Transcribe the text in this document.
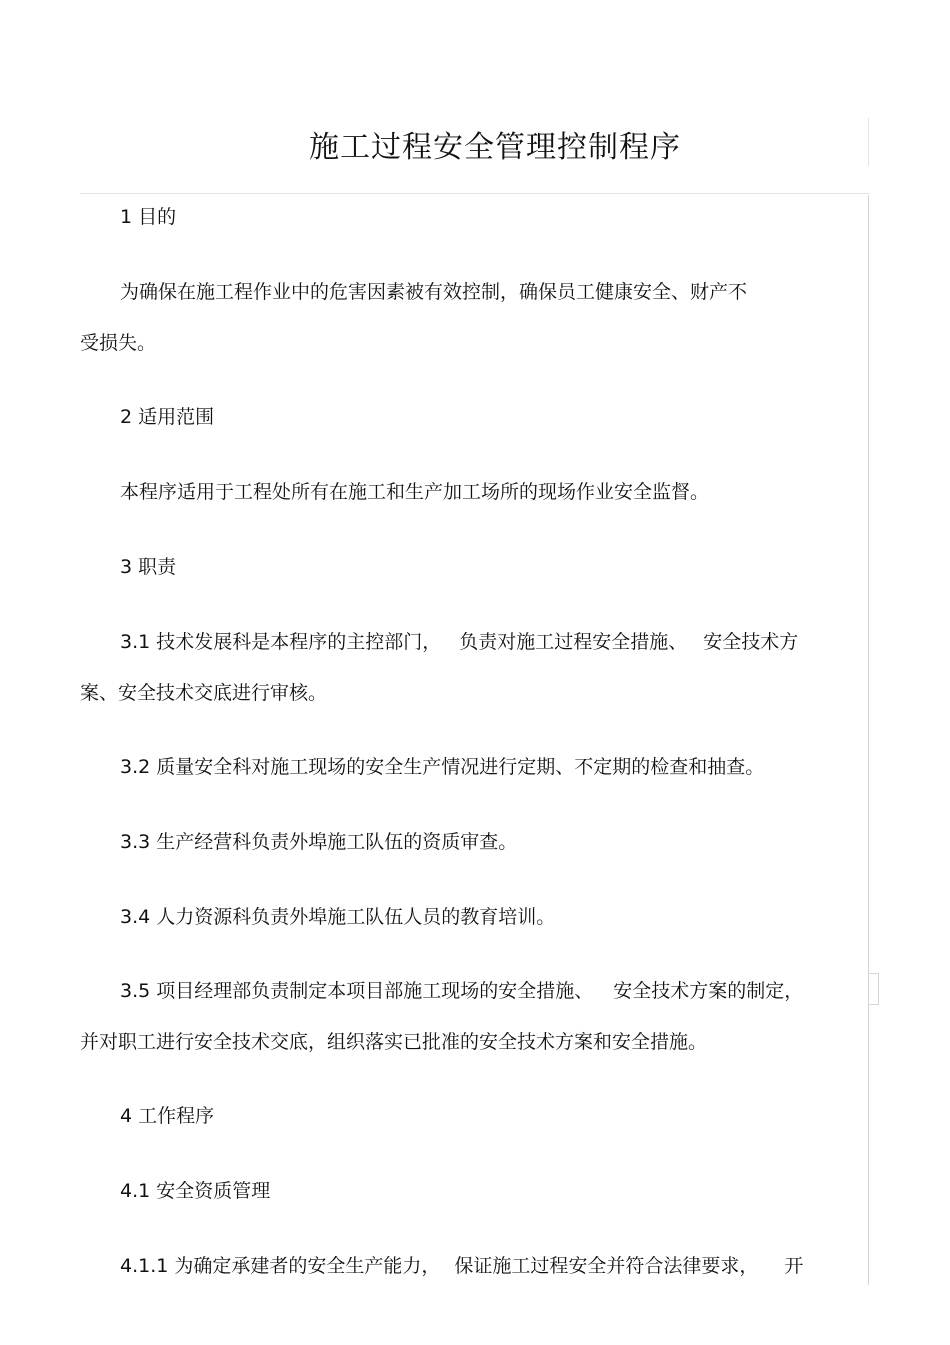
施工过程安全管理控制程序
1 目的
为确保在施工程作业中的危害因素被有效控制，确保员工健康安全、财产不
受损失。
2 适用范围
本程序适用于工程处所有在施工和生产加工场所的现场作业安全监督。
3 职责
3.1 技术发展科是本程序的主控部门， 负责对施工过程安全措施、 安全技术方
案、安全技术交底进行审核。
3.2 质量安全科对施工现场的安全生产情况进行定期、不定期的检查和抽查。
3.3 生产经营科负责外埠施工队伍的资质审查。
3.4 人力资源科负责外埠施工队伍人员的教育培训。
3.5 项目经理部负责制定本项目部施工现场的安全措施、 安全技术方案的制定，
并对职工进行安全技术交底，组织落实已批准的安全技术方案和安全措施。
4 工作程序
4.1 安全资质管理
4.1.1 为确定承建者的安全生产能力， 保证施工过程安全并符合法律要求， 开
